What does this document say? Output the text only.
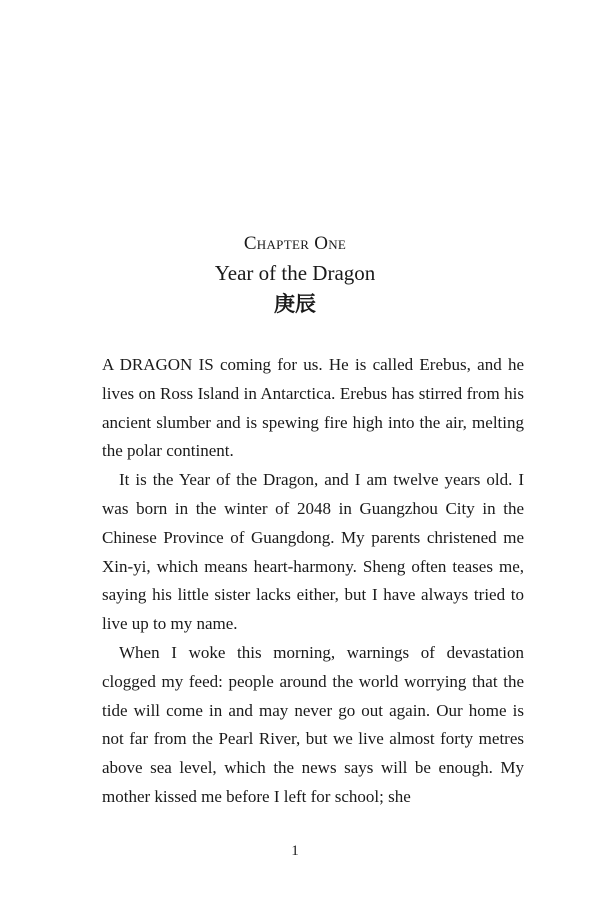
Chapter One
Year of the Dragon
庚辰

A DRAGON IS coming for us. He is called Erebus, and he lives on Ross Island in Antarctica. Erebus has stirred from his ancient slumber and is spewing fire high into the air, melting the polar continent.

It is the Year of the Dragon, and I am twelve years old. I was born in the winter of 2048 in Guangzhou City in the Chinese Province of Guangdong. My parents christened me Xin-yi, which means heart-harmony. Sheng often teases me, saying his little sister lacks either, but I have always tried to live up to my name.

When I woke this morning, warnings of devastation clogged my feed: people around the world worrying that the tide will come in and may never go out again. Our home is not far from the Pearl River, but we live almost forty metres above sea level, which the news says will be enough. My mother kissed me before I left for school; she

1
